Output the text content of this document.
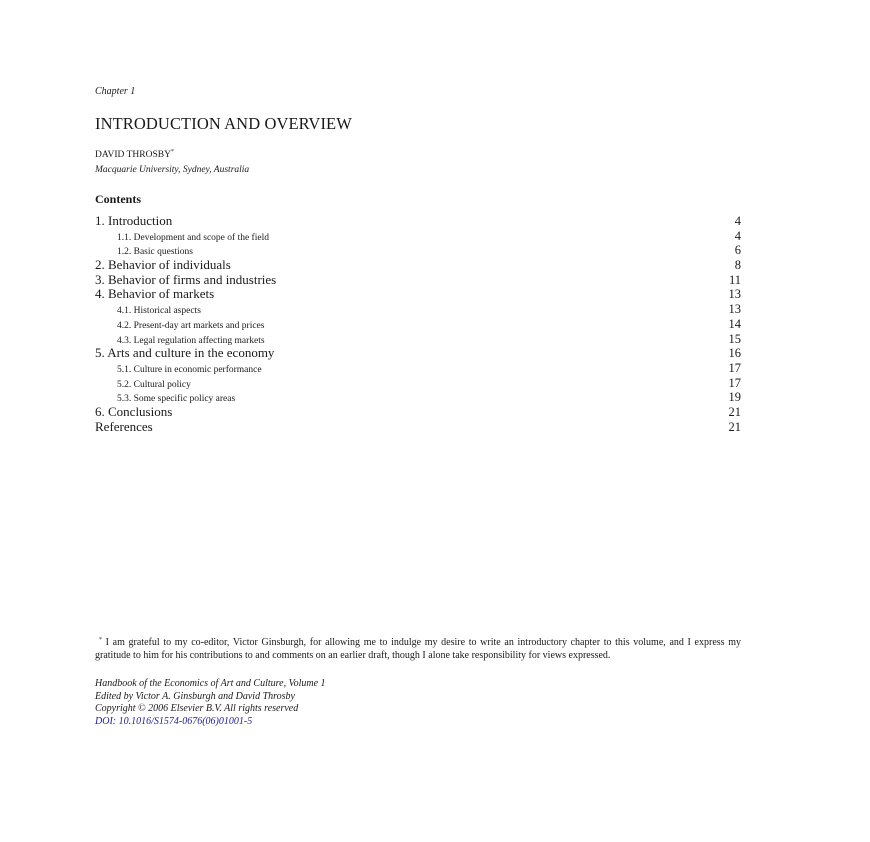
Chapter 1
INTRODUCTION AND OVERVIEW
DAVID THROSBY*
Macquarie University, Sydney, Australia
Contents
1. Introduction	4
1.1. Development and scope of the field	4
1.2. Basic questions	6
2. Behavior of individuals	8
3. Behavior of firms and industries	11
4. Behavior of markets	13
4.1. Historical aspects	13
4.2. Present-day art markets and prices	14
4.3. Legal regulation affecting markets	15
5. Arts and culture in the economy	16
5.1. Culture in economic performance	17
5.2. Cultural policy	17
5.3. Some specific policy areas	19
6. Conclusions	21
References	21

* I am grateful to my co-editor, Victor Ginsburgh, for allowing me to indulge my desire to write an introductory chapter to this volume, and I express my gratitude to him for his contributions to and comments on an earlier draft, though I alone take responsibility for views expressed.

Handbook of the Economics of Art and Culture, Volume 1
Edited by Victor A. Ginsburgh and David Throsby
Copyright © 2006 Elsevier B.V. All rights reserved
DOI: 10.1016/S1574-0676(06)01001-5
